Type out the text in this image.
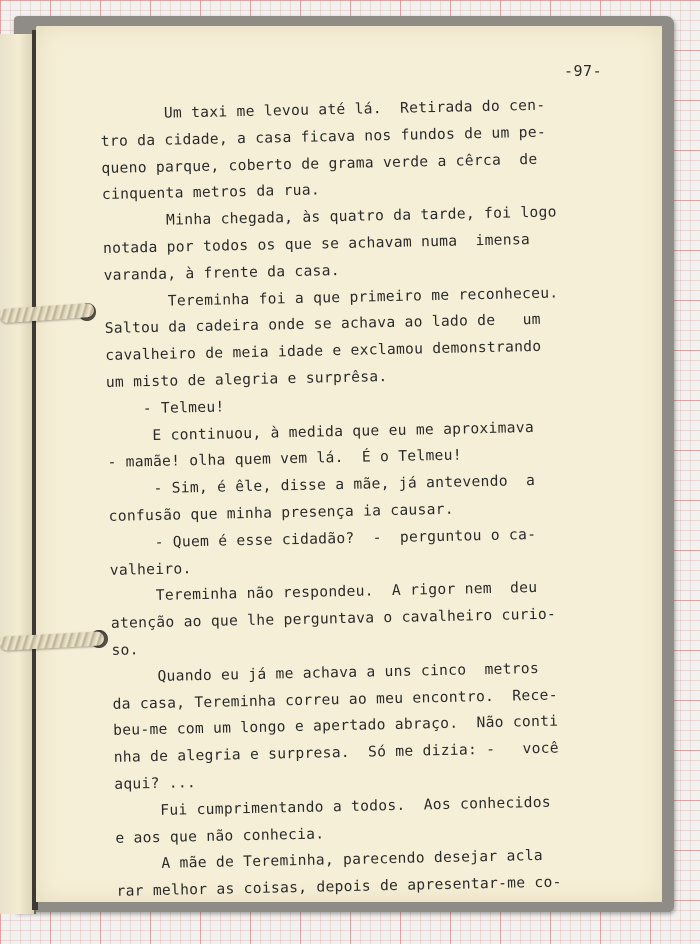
-97-
Um taxi me levou até lá.  Retirada do cen-
tro da cidade, a casa ficava nos fundos de um pe-
queno parque, coberto de grama verde a cêrca  de
cinquenta metros da rua.
Minha chegada, às quatro da tarde, foi logo
notada por todos os que se achavam numa  imensa
varanda, à frente da casa.
Tereminha foi a que primeiro me reconheceu.
Saltou da cadeira onde se achava ao lado de   um
cavalheiro de meia idade e exclamou demonstrando
um misto de alegria e surprêsa.
- Telmeu!
E continuou, à medida que eu me aproximava
- mamãe! olha quem vem lá.  É o Telmeu!
- Sim, é êle, disse a mãe, já antevendo  a
confusão que minha presença ia causar.
- Quem é esse cidadão?  -  perguntou o ca-
valheiro.
Tereminha não respondeu.  A rigor nem  deu
atenção ao que lhe perguntava o cavalheiro curio-
so.
Quando eu já me achava a uns cinco  metros
da casa, Tereminha correu ao meu encontro.  Rece-
beu-me com um longo e apertado abraço.  Não conti
nha de alegria e surpresa.  Só me dizia: -   você
aqui? ...
Fui cumprimentando a todos.  Aos conhecidos
e aos que não conhecia.
A mãe de Tereminha, parecendo desejar acla
rar melhor as coisas, depois de apresentar-me co-
